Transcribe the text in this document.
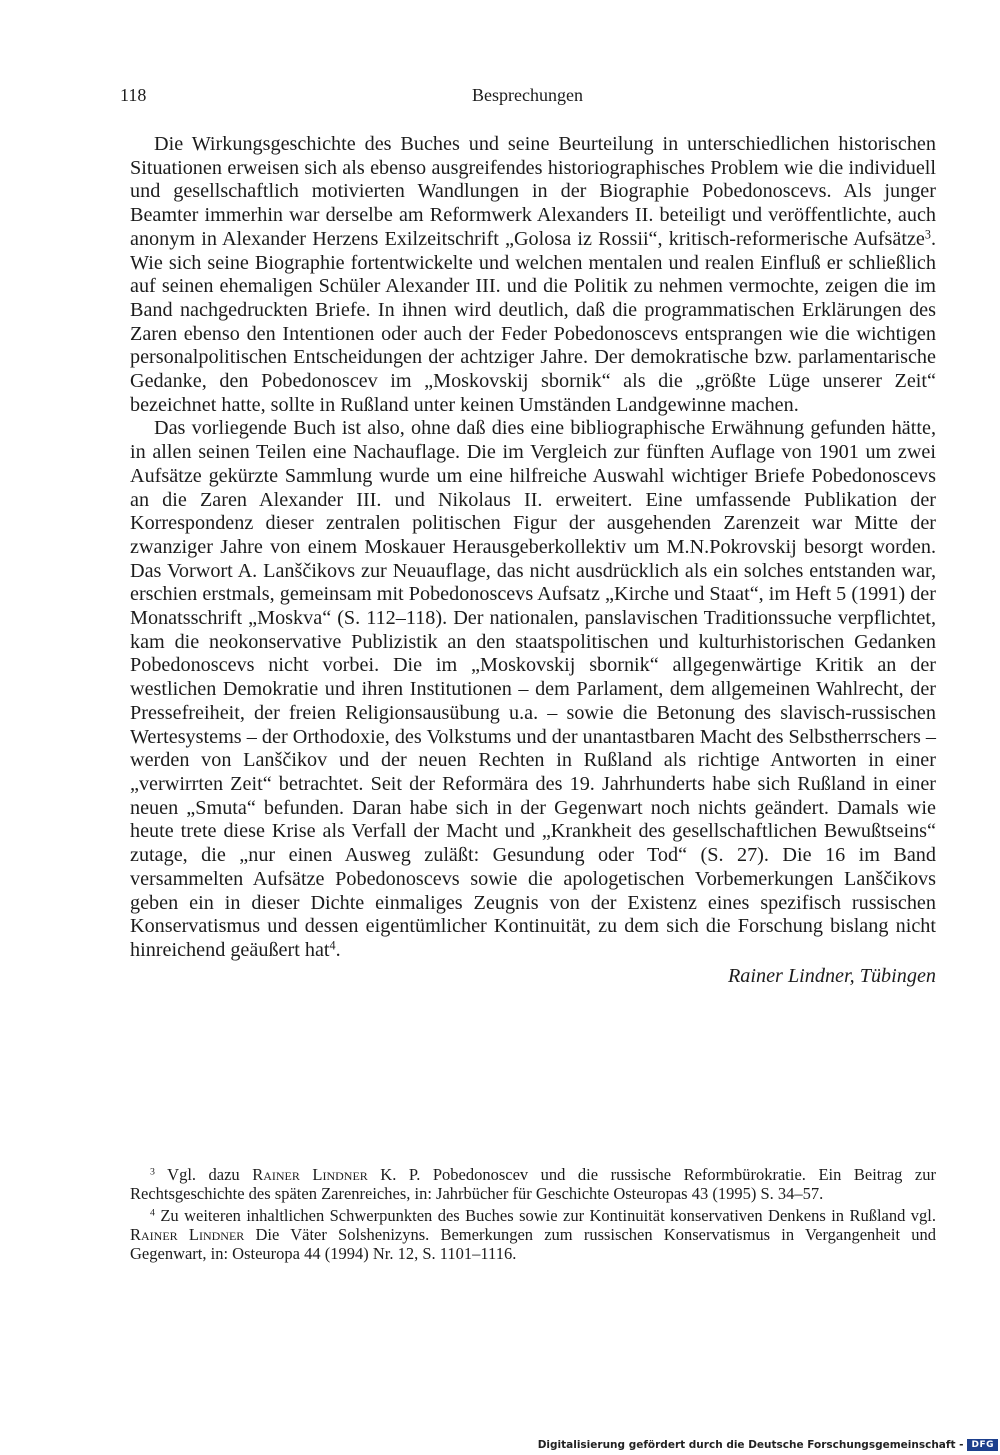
118	Besprechungen

Die Wirkungsgeschichte des Buches und seine Beurteilung in unterschiedlichen historischen Situationen erweisen sich als ebenso ausgreifendes historiographisches Problem wie die individuell und gesellschaftlich motivierten Wandlungen in der Biographie Pobedonoscevs. Als junger Beamter immerhin war derselbe am Reformwerk Alexanders II. beteiligt und veröffentlichte, auch anonym in Alexander Herzens Exilzeitschrift „Golosa iz Rossii“, kritisch-reformerische Aufsätze$^3$. Wie sich seine Biographie fortentwickelte und welchen mentalen und realen Einfluß er schließlich auf seinen ehemaligen Schüler Alexander III. und die Politik zu nehmen vermochte, zeigen die im Band nachgedruckten Briefe. In ihnen wird deutlich, daß die programmatischen Erklärungen des Zaren ebenso den Intentionen oder auch der Feder Pobedonoscevs entsprangen wie die wichtigen personalpolitischen Entscheidungen der achtziger Jahre. Der demokratische bzw. parlamentarische Gedanke, den Pobedonoscev im „Moskovskij sbornik“ als die „größte Lüge unserer Zeit“ bezeichnet hatte, sollte in Rußland unter keinen Umständen Landgewinne machen.

Das vorliegende Buch ist also, ohne daß dies eine bibliographische Erwähnung gefunden hätte, in allen seinen Teilen eine Nachauflage. Die im Vergleich zur fünften Auflage von 1901 um zwei Aufsätze gekürzte Sammlung wurde um eine hilfreiche Auswahl wichtiger Briefe Pobedonoscevs an die Zaren Alexander III. und Nikolaus II. erweitert. Eine umfassende Publikation der Korrespondenz dieser zentralen politischen Figur der ausgehenden Zarenzeit war Mitte der zwanziger Jahre von einem Moskauer Herausgeberkollektiv um M.N.Pokrovskij besorgt worden. Das Vorwort A. Lanščikovs zur Neuauflage, das nicht ausdrücklich als ein solches entstanden war, erschien erstmals, gemeinsam mit Pobedonoscevs Aufsatz „Kirche und Staat“, im Heft 5 (1991) der Monatsschrift „Moskva“ (S. 112–118). Der nationalen, panslavischen Traditionssuche verpflichtet, kam die neokonservative Publizistik an den staatspolitischen und kulturhistorischen Gedanken Pobedonoscevs nicht vorbei. Die im „Moskovskij sbornik“ allgegenwärtige Kritik an der westlichen Demokratie und ihren Institutionen – dem Parlament, dem allgemeinen Wahlrecht, der Pressefreiheit, der freien Religionsausübung u.a. – sowie die Betonung des slavisch-russischen Wertesystems – der Orthodoxie, des Volkstums und der unantastbaren Macht des Selbstherrschers – werden von Lanščikov und der neuen Rechten in Rußland als richtige Antworten in einer „verwirrten Zeit“ betrachtet. Seit der Reformära des 19. Jahrhunderts habe sich Rußland in einer neuen „Smuta“ befunden. Daran habe sich in der Gegenwart noch nichts geändert. Damals wie heute trete diese Krise als Verfall der Macht und „Krankheit des gesellschaftlichen Bewußtseins“ zutage, die „nur einen Ausweg zuläßt: Gesundung oder Tod“ (S. 27). Die 16 im Band versammelten Aufsätze Pobedonoscevs sowie die apologetischen Vorbemerkungen Lanščikovs geben ein in dieser Dichte einmaliges Zeugnis von der Existenz eines spezifisch russischen Konservatismus und dessen eigentümlicher Kontinuität, zu dem sich die Forschung bislang nicht hinreichend geäußert hat$^4$.

Rainer Lindner, Tübingen

$^3$ Vgl. dazu Rainer Lindner K. P. Pobedonoscev und die russische Reformbürokratie. Ein Beitrag zur Rechtsgeschichte des späten Zarenreiches, in: Jahrbücher für Geschichte Osteuropas 43 (1995) S. 34–57.

$^4$ Zu weiteren inhaltlichen Schwerpunkten des Buches sowie zur Kontinuität konservativen Denkens in Rußland vgl. Rainer Lindner Die Väter Solshenizyns. Bemerkungen zum russischen Konservatismus in Vergangenheit und Gegenwart, in: Osteuropa 44 (1994) Nr. 12, S. 1101–1116.

Digitalisierung gefördert durch die Deutsche Forschungsgemeinschaft - DFG
